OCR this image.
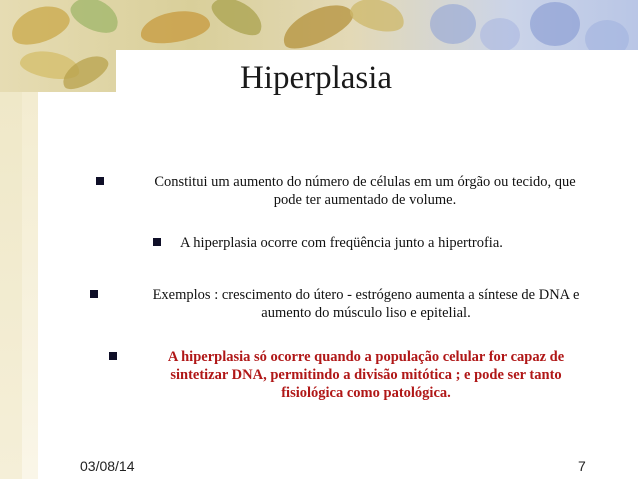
Hiperplasia
Constitui um aumento do número de células em um órgão ou tecido, que
pode ter aumentado de volume.
A hiperplasia ocorre com freqüência junto a hipertrofia.
Exemplos : crescimento do útero - estrógeno aumenta a síntese de DNA e
aumento do músculo liso e epitelial.
A hiperplasia só ocorre quando a população celular for capaz de
sintetizar DNA, permitindo a divisão mitótica ; e pode ser tanto
fisiológica como patológica.
03/08/14	7
